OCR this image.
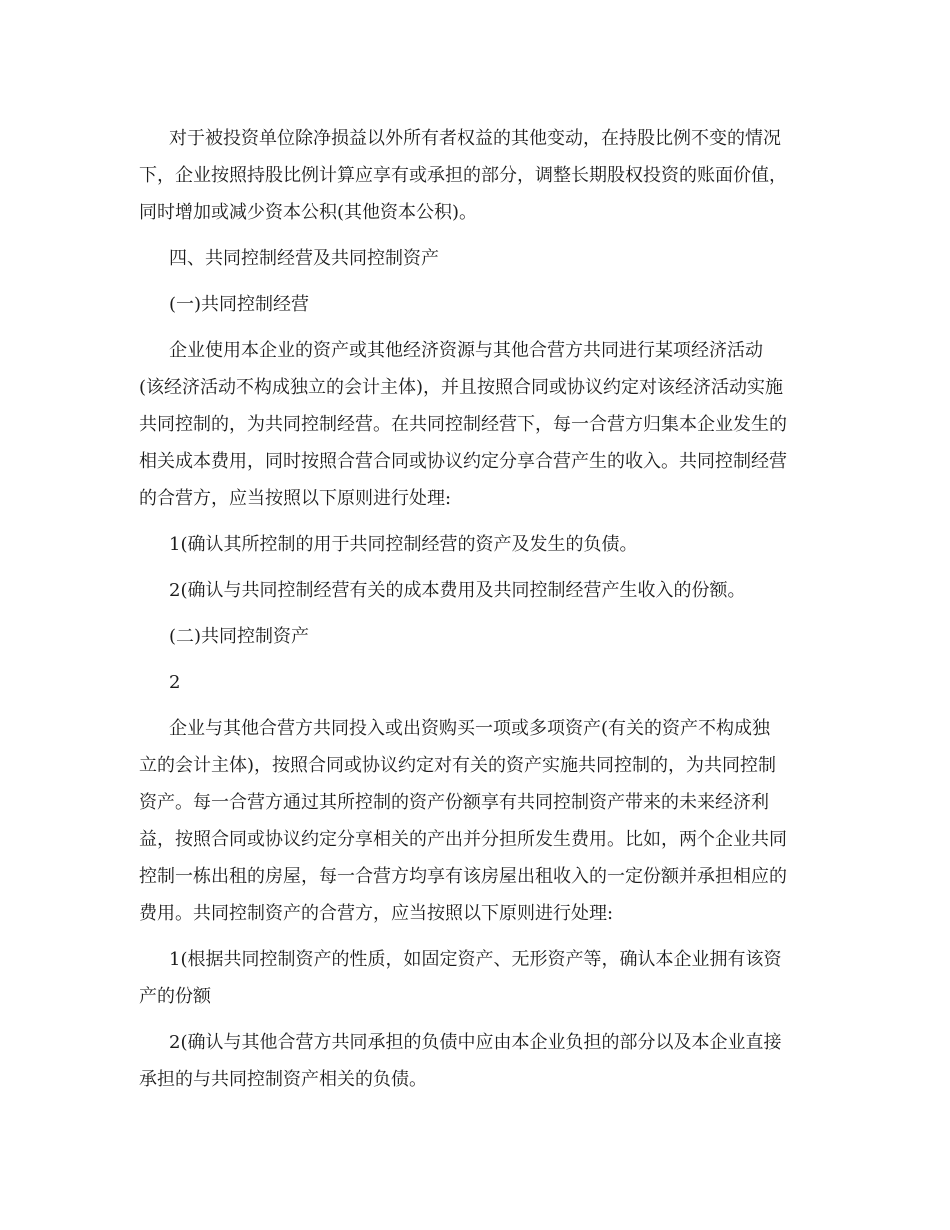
对于被投资单位除净损益以外所有者权益的其他变动，在持股比例不变的情况
下，企业按照持股比例计算应享有或承担的部分，调整长期股权投资的账面价值，
同时增加或减少资本公积(其他资本公积)。
四、共同控制经营及共同控制资产
(一)共同控制经营
企业使用本企业的资产或其他经济资源与其他合营方共同进行某项经济活动
(该经济活动不构成独立的会计主体)，并且按照合同或协议约定对该经济活动实施
共同控制的，为共同控制经营。在共同控制经营下，每一合营方归集本企业发生的
相关成本费用，同时按照合营合同或协议约定分享合营产生的收入。共同控制经营
的合营方，应当按照以下原则进行处理:
1(确认其所控制的用于共同控制经营的资产及发生的负债。
2(确认与共同控制经营有关的成本费用及共同控制经营产生收入的份额。
(二)共同控制资产
2
企业与其他合营方共同投入或出资购买一项或多项资产(有关的资产不构成独
立的会计主体)，按照合同或协议约定对有关的资产实施共同控制的，为共同控制
资产。每一合营方通过其所控制的资产份额享有共同控制资产带来的未来经济利
益，按照合同或协议约定分享相关的产出并分担所发生费用。比如，两个企业共同
控制一栋出租的房屋，每一合营方均享有该房屋出租收入的一定份额并承担相应的
费用。共同控制资产的合营方，应当按照以下原则进行处理:
1(根据共同控制资产的性质，如固定资产、无形资产等，确认本企业拥有该资
产的份额
2(确认与其他合营方共同承担的负债中应由本企业负担的部分以及本企业直接
承担的与共同控制资产相关的负债。
